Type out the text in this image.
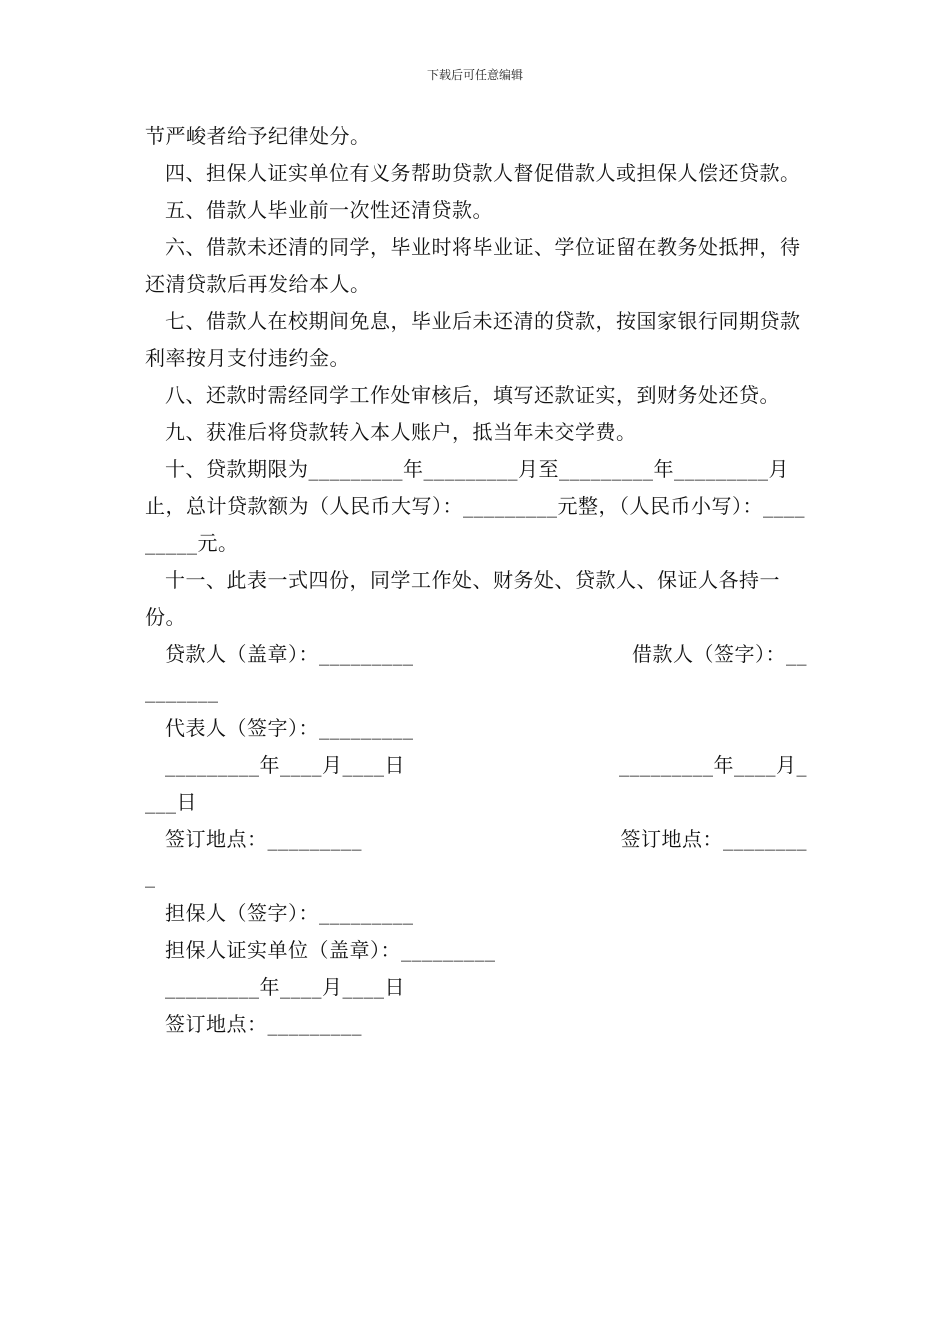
下载后可任意编辑

节严峻者给予纪律处分。

四、担保人证实单位有义务帮助贷款人督促借款人或担保人偿还贷款。

五、借款人毕业前一次性还清贷款。

六、借款未还清的同学，毕业时将毕业证、学位证留在教务处抵押，待还清贷款后再发给本人。

七、借款人在校期间免息，毕业后未还清的贷款，按国家银行同期贷款利率按月支付违约金。

八、还款时需经同学工作处审核后，填写还款证实，到财务处还贷。

九、获准后将贷款转入本人账户，抵当年未交学费。

十、贷款期限为_________年_________月至_________年_________月止，总计贷款额为（人民币大写）：_________元整，（人民币小写）：_________元。

十一、此表一式四份，同学工作处、财务处、贷款人、保证人各持一份。

贷款人（盖章）：_________	借款人（签字）：__
_______
代表人（签字）：_________
_________年____月____日	_________年____月_
___日
签订地点：_________	签订地点：________
_
担保人（签字）：_________
担保人证实单位（盖章）：_________
_________年____月____日
签订地点：_________
